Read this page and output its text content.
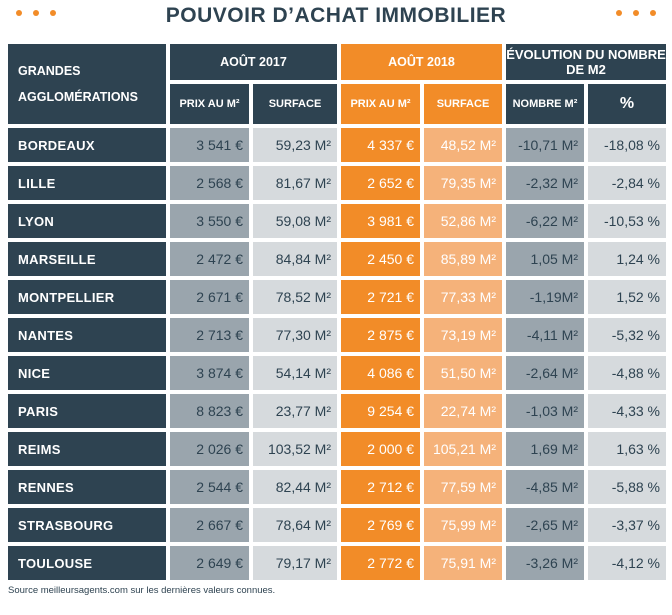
POUVOIR D’ACHAT IMMOBILIER
GRANDES AGGLOMÉRATIONS
AOÛT 2017	AOÛT 2018	ÉVOLUTION DU NOMBRE DE M2
PRIX AU M²	SURFACE	PRIX AU M²	SURFACE	NOMBRE M²	%
BORDEAUX	3 541 €	59,23 M²	4 337 €	48,52 M²	-10,71 M²	-18,08 %
LILLE	2 568 €	81,67 M²	2 652 €	79,35 M²	-2,32 M²	-2,84 %
LYON	3 550 €	59,08 M²	3 981 €	52,86 M²	-6,22 M²	-10,53 %
MARSEILLE	2 472 €	84,84 M²	2 450 €	85,89 M²	1,05 M²	1,24 %
MONTPELLIER	2 671 €	78,52 M²	2 721 €	77,33 M²	-1,19M²	1,52 %
NANTES	2 713 €	77,30 M²	2 875 €	73,19 M²	-4,11 M²	-5,32 %
NICE	3 874 €	54,14 M²	4 086 €	51,50 M²	-2,64 M²	-4,88 %
PARIS	8 823 €	23,77 M²	9 254 €	22,74 M²	-1,03 M²	-4,33 %
REIMS	2 026 €	103,52 M²	2 000 €	105,21 M²	1,69 M²	1,63 %
RENNES	2 544 €	82,44 M²	2 712 €	77,59 M²	-4,85 M²	-5,88 %
STRASBOURG	2 667 €	78,64 M²	2 769 €	75,99 M²	-2,65 M²	-3,37 %
TOULOUSE	2 649 €	79,17 M²	2 772 €	75,91 M²	-3,26 M²	-4,12 %
Source meilleursagents.com sur les dernières valeurs connues.
